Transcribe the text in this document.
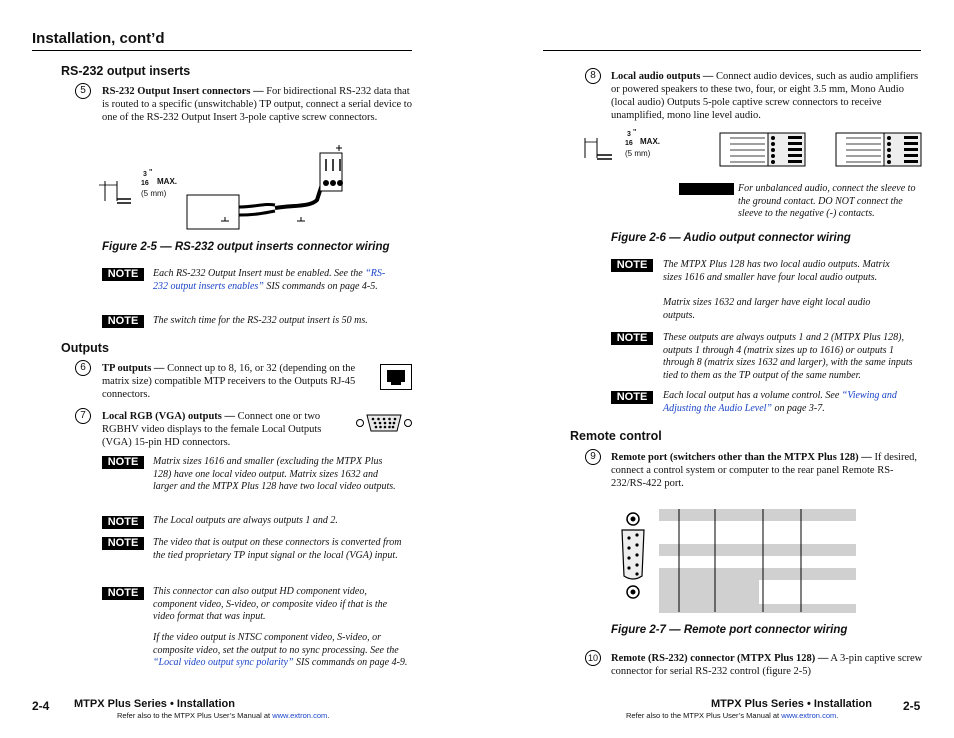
Installation, cont’d
RS-232 output inserts
5	RS-232 Output Insert connectors — For bidirectional RS-232 data that is routed to a specific (unswitchable) TP output, connect a serial device to one of the RS-232 Output Insert 3-pole captive screw connectors.
3 "
16 MAX.
(5 mm)
Figure 2-5 — RS-232 output inserts connector wiring
NOTE	Each RS-232 Output Insert must be enabled. See the “RS-232 output inserts enables” SIS commands on page 4-5.
NOTE	The switch time for the RS-232 output insert is 50 ms.
Outputs
6	TP outputs — Connect up to 8, 16, or 32 (depending on the matrix size) compatible MTP receivers to the Outputs RJ-45 connectors.
7	Local RGB (VGA) outputs — Connect one or two RGBHV video displays to the female Local Outputs (VGA) 15-pin HD connectors.
NOTE	Matrix sizes 1616 and smaller (excluding the MTPX Plus 128) have one local video output. Matrix sizes 1632 and larger and the MTPX Plus 128 have two local video outputs.
NOTE	The Local outputs are always outputs 1 and 2.
NOTE	The video that is output on these connectors is converted from the tied proprietary TP input signal or the local (VGA) input.
NOTE	This connector can also output HD component video, component video, S-video, or composite video if that is the video format that was input.
If the video output is NTSC component video, S-video, or composite video, set the output to no sync processing. See the “Local video output sync polarity” SIS commands on page 4-9.
2-4 MTPX Plus Series • Installation
Refer also to the MTPX Plus User’s Manual at www.extron.com.
8	Local audio outputs — Connect audio devices, such as audio amplifiers or powered speakers to these two, four, or eight 3.5 mm, Mono Audio (local audio) Outputs 5-pole captive screw connectors to receive unamplified, mono line level audio.
3 "
16 MAX.
(5 mm)
For unbalanced audio, connect the sleeve to the ground contact. DO NOT connect the sleeve to the negative (-) contacts.
Figure 2-6 — Audio output connector wiring
NOTE	The MTPX Plus 128 has two local audio outputs. Matrix sizes 1616 and smaller have four local audio outputs.
Matrix sizes 1632 and larger have eight local audio outputs.
NOTE	These outputs are always outputs 1 and 2 (MTPX Plus 128), outputs 1 through 4 (matrix sizes up to 1616) or outputs 1 through 8 (matrix sizes 1632 and larger), with the same inputs tied to them as the TP output of the same number.
NOTE	Each local output has a volume control. See “Viewing and Adjusting the Audio Level” on page 3-7.
Remote control
9	Remote port (switchers other than the MTPX Plus 128) — If desired, connect a control system or computer to the rear panel Remote RS-232/RS-422 port.
Figure 2-7 — Remote port connector wiring
10 Remote (RS-232) connector (MTPX Plus 128) — A 3-pin captive screw connector for serial RS-232 control (figure 2-5)
MTPX Plus Series • Installation	2-5
Refer also to the MTPX Plus User’s Manual at www.extron.com.
